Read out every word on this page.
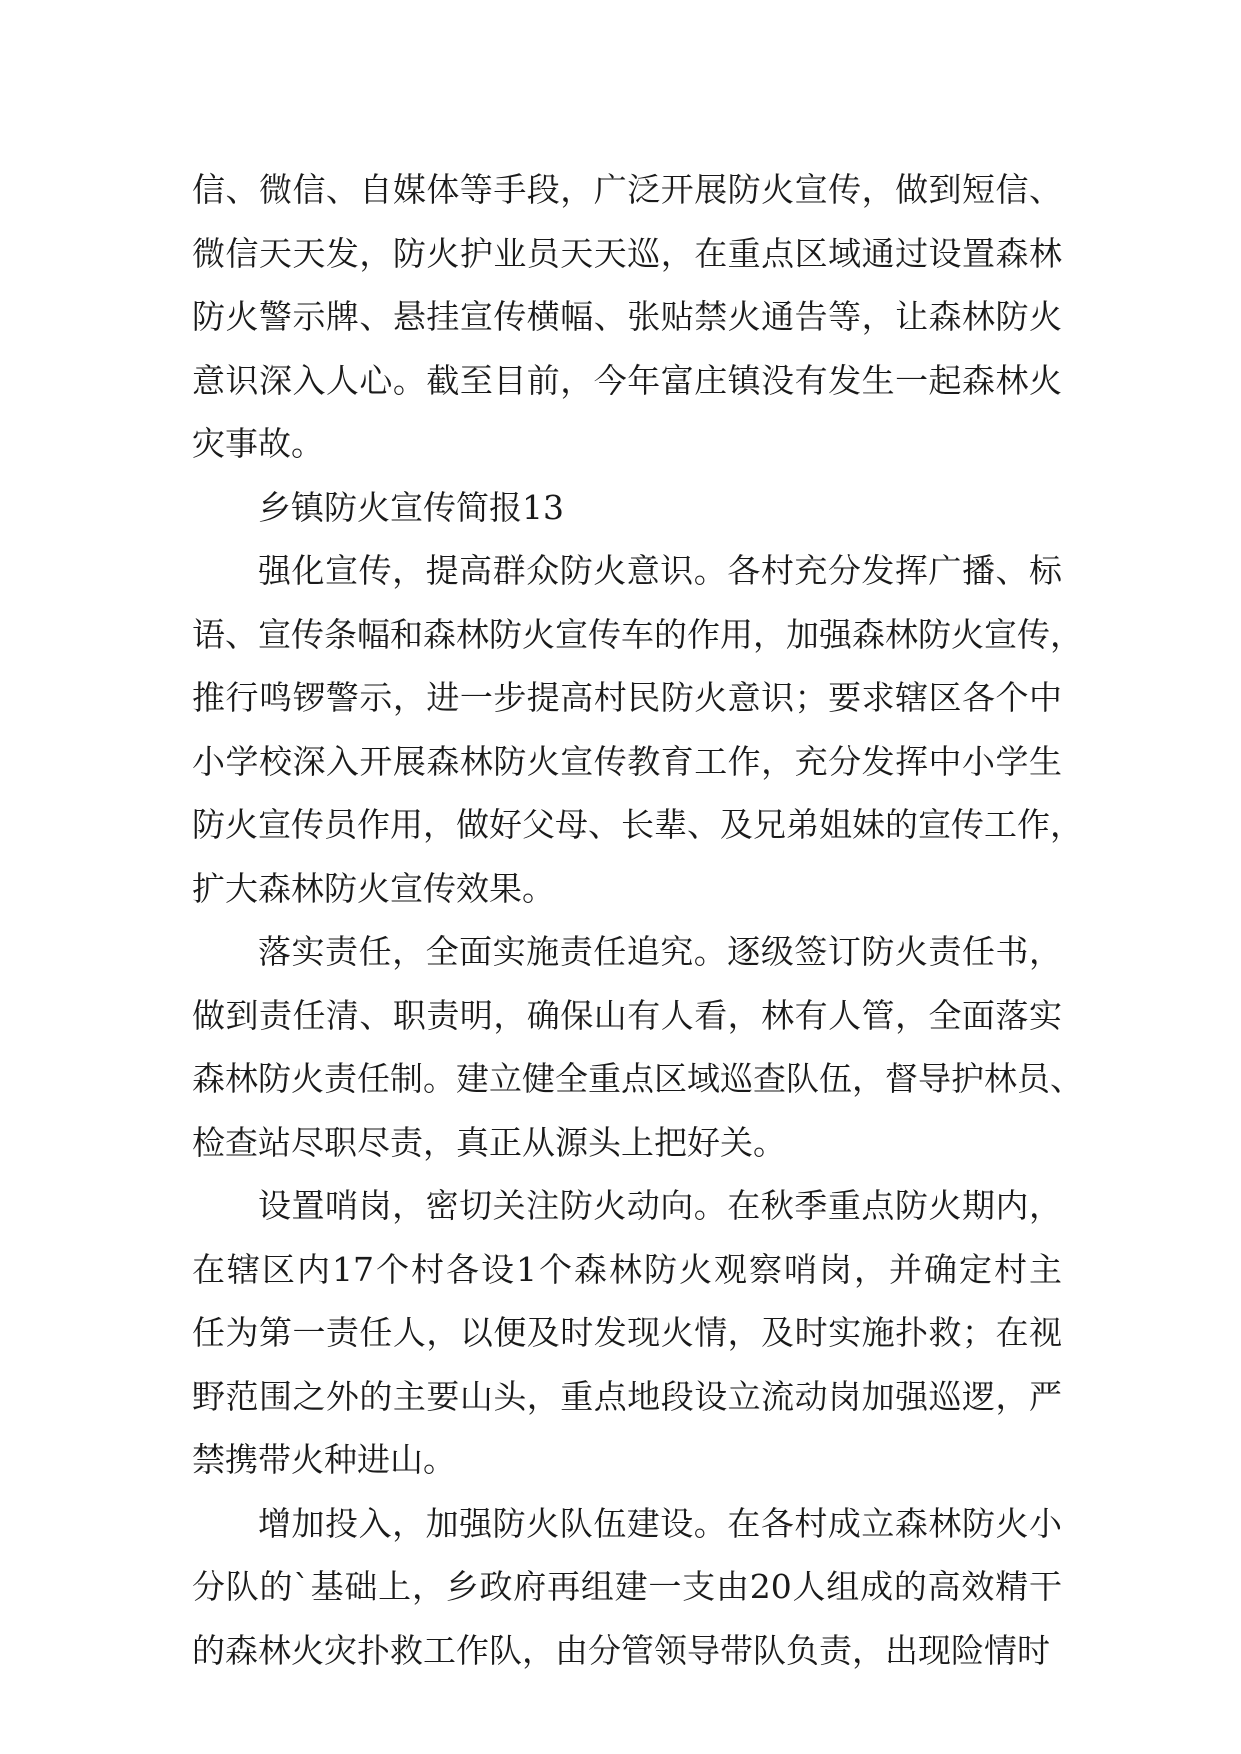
信、微信、自媒体等手段，广泛开展防火宣传，做到短信、
微信天天发，防火护业员天天巡，在重点区域通过设置森林
防火警示牌、悬挂宣传横幅、张贴禁火通告等，让森林防火
意识深入人心。截至目前，今年富庄镇没有发生一起森林火
灾事故。
乡镇防火宣传简报13
强化宣传，提高群众防火意识。各村充分发挥广播、标
语、宣传条幅和森林防火宣传车的作用，加强森林防火宣传，
推行鸣锣警示，进一步提高村民防火意识；要求辖区各个中
小学校深入开展森林防火宣传教育工作，充分发挥中小学生
防火宣传员作用，做好父母、长辈、及兄弟姐妹的宣传工作，
扩大森林防火宣传效果。
落实责任，全面实施责任追究。逐级签订防火责任书，
做到责任清、职责明，确保山有人看，林有人管，全面落实
森林防火责任制。建立健全重点区域巡查队伍，督导护林员、
检查站尽职尽责，真正从源头上把好关。
设置哨岗，密切关注防火动向。在秋季重点防火期内，
在辖区内17个村各设1个森林防火观察哨岗，并确定村主
任为第一责任人，以便及时发现火情，及时实施扑救；在视
野范围之外的主要山头，重点地段设立流动岗加强巡逻，严
禁携带火种进山。
增加投入，加强防火队伍建设。在各村成立森林防火小
分队的`基础上，乡政府再组建一支由20人组成的高效精干
的森林火灾扑救工作队，由分管领导带队负责，出现险情时
